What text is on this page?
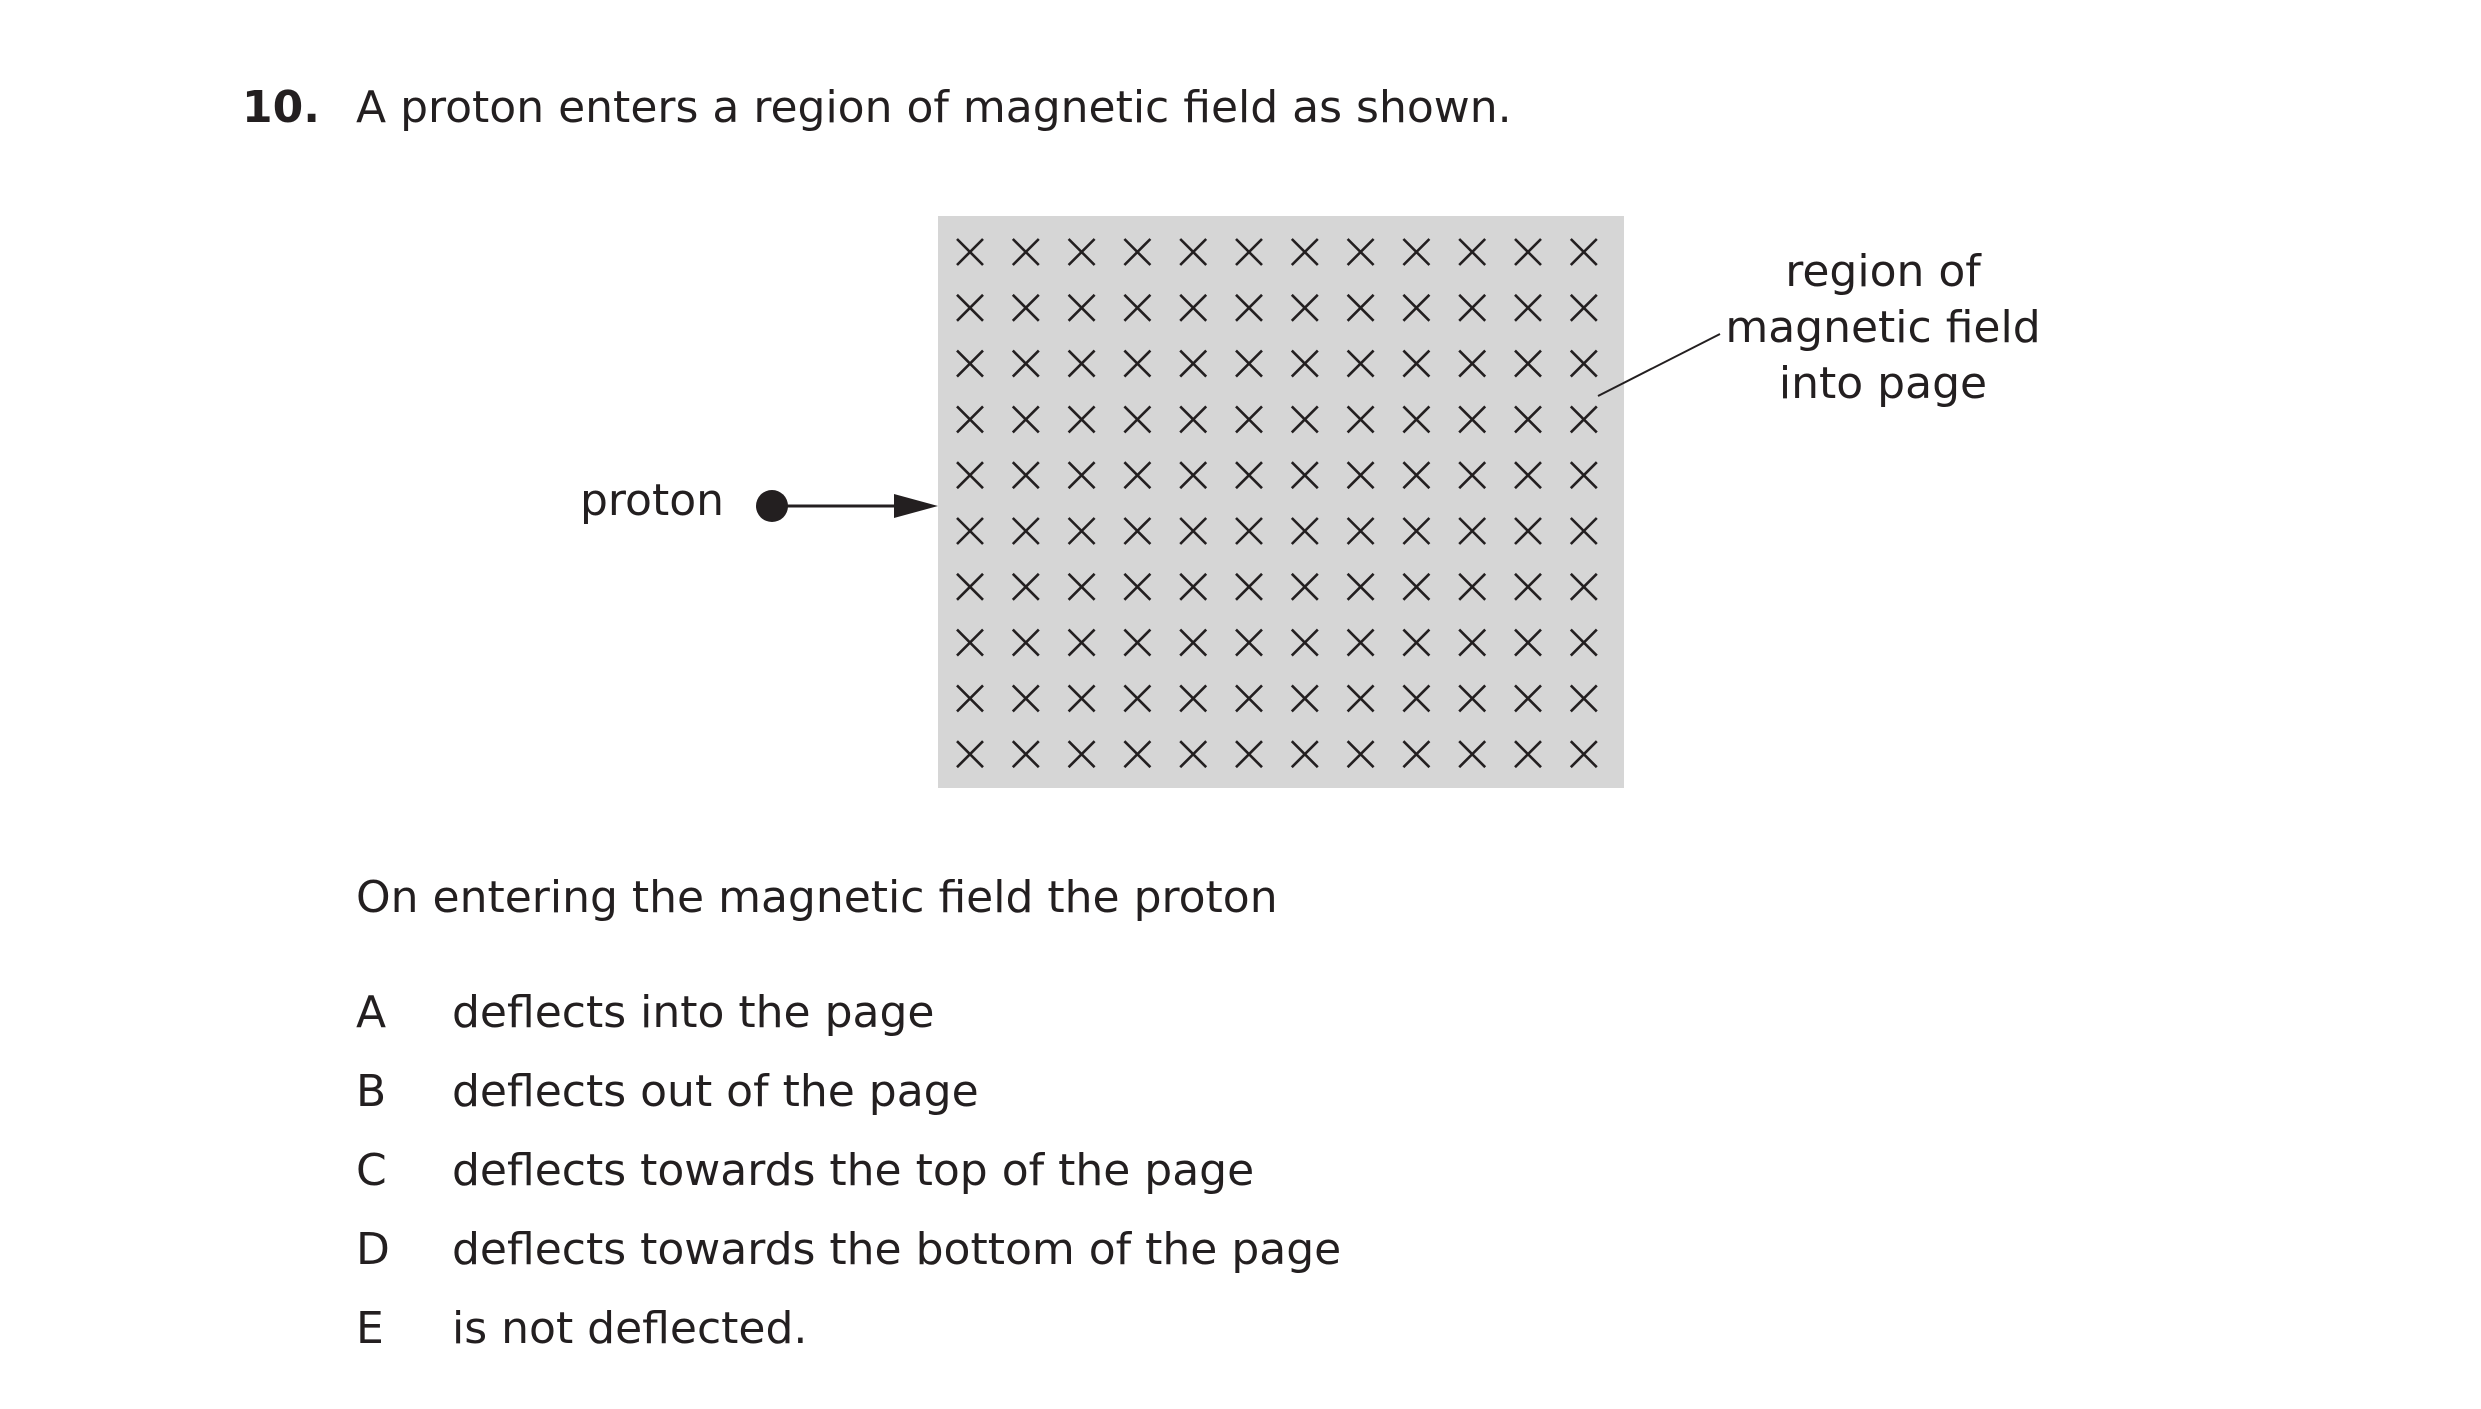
10. A proton enters a region of magnetic field as shown.
proton
region of
magnetic field
into page
On entering the magnetic field the proton
A	deflects into the page
B	deflects out of the page
C	deflects towards the top of the page
D	deflects towards the bottom of the page
E	is not deflected.
